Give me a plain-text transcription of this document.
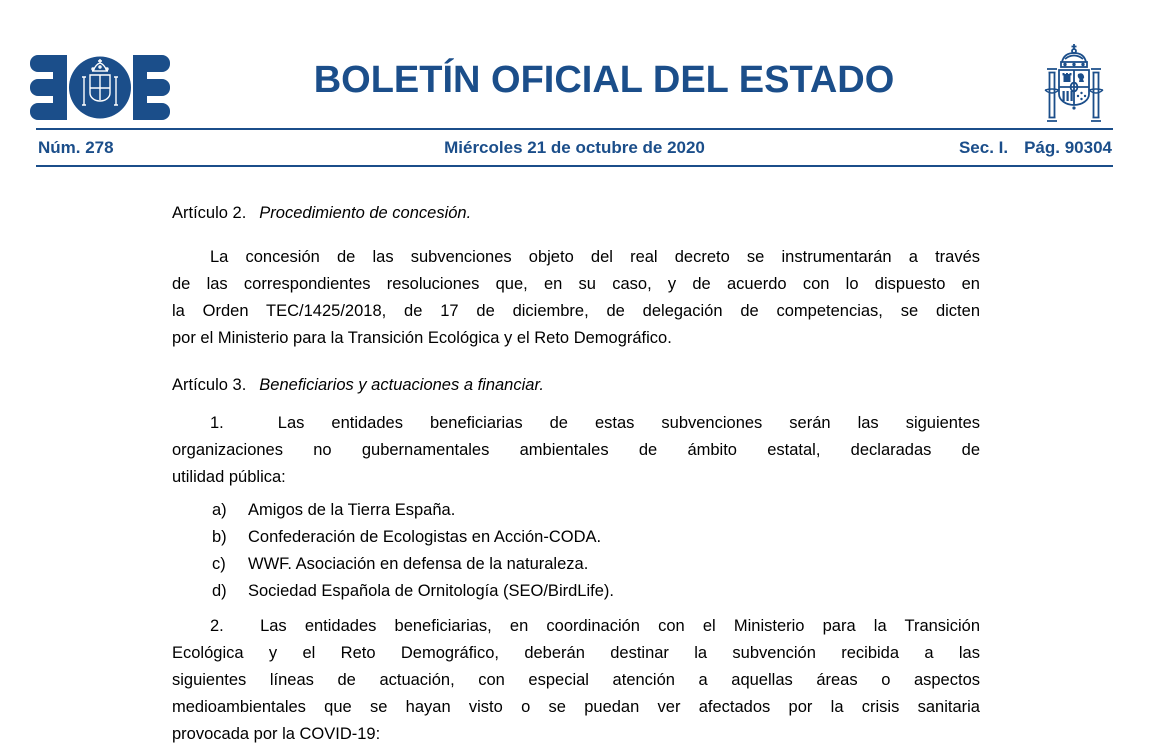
BOLETÍN OFICIAL DEL ESTADO
Núm. 278	Miércoles 21 de octubre de 2020	Sec. I. Pág. 90304
Artículo 2. Procedimiento de concesión.
La concesión de las subvenciones objeto del real decreto se instrumentarán a través
de las correspondientes resoluciones que, en su caso, y de acuerdo con lo dispuesto en
la Orden TEC/1425/2018, de 17 de diciembre, de delegación de competencias, se dicten
por el Ministerio para la Transición Ecológica y el Reto Demográfico.
Artículo 3. Beneficiarios y actuaciones a financiar.
1.  Las entidades beneficiarias de estas subvenciones serán las siguientes
organizaciones no gubernamentales ambientales de ámbito estatal, declaradas de
utilidad pública:
a)	Amigos de la Tierra España.
b)	Confederación de Ecologistas en Acción-CODA.
c)	WWF. Asociación en defensa de la naturaleza.
d)	Sociedad Española de Ornitología (SEO/BirdLife).
2.  Las entidades beneficiarias, en coordinación con el Ministerio para la Transición
Ecológica y el Reto Demográfico, deberán destinar la subvención recibida a las
siguientes líneas de actuación, con especial atención a aquellas áreas o aspectos
medioambientales que se hayan visto o se puedan ver afectados por la crisis sanitaria
provocada por la COVID-19:
